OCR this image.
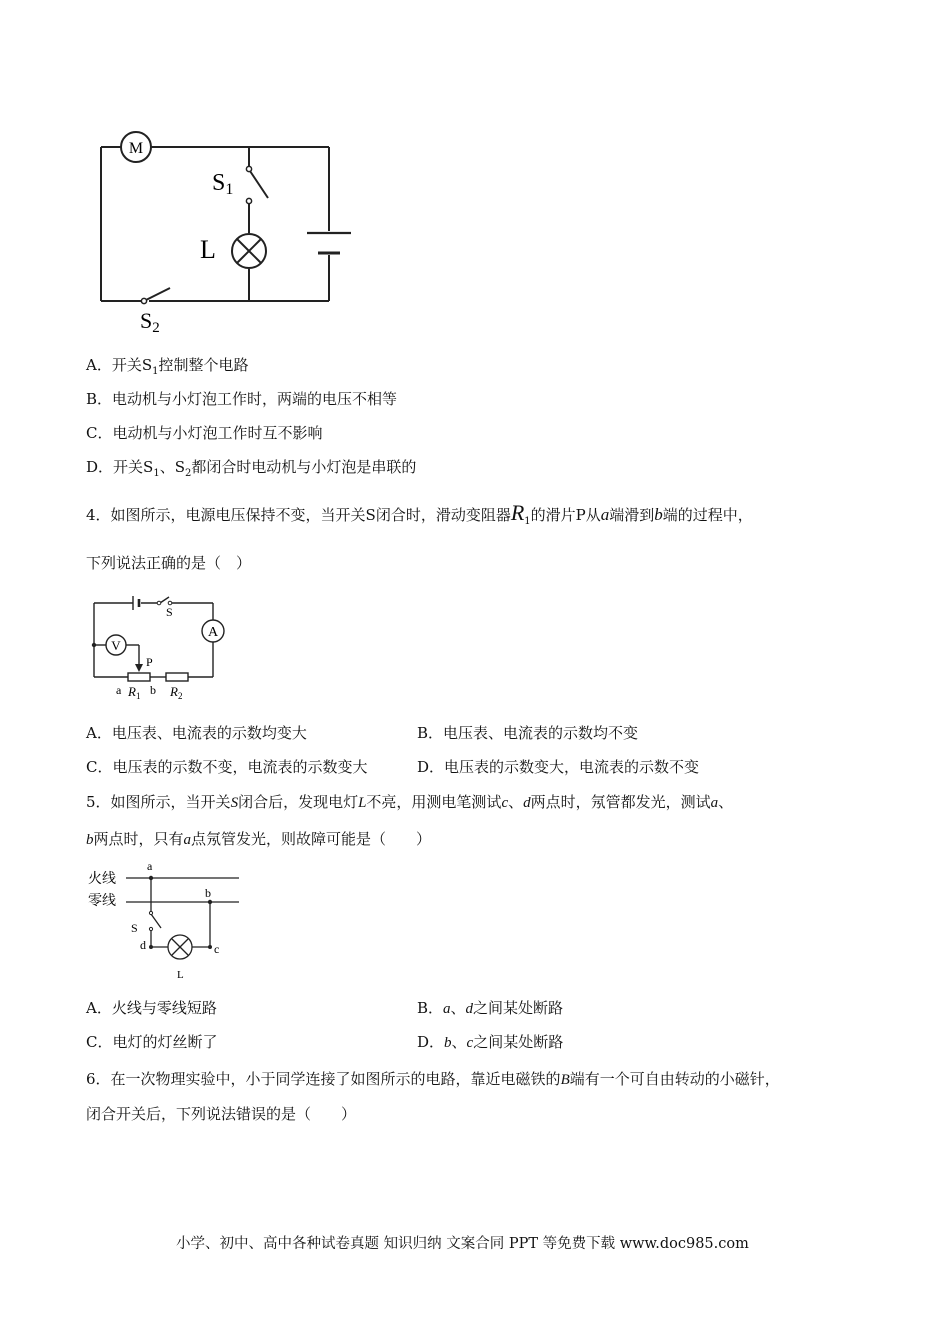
M
S1
L
S2
A．开关$S_1$控制整个电路
B．电动机与小灯泡工作时，两端的电压不相等
C．电动机与小灯泡工作时互不影响
D．开关$S_1$、$S_2$都闭合时电动机与小灯泡是串联的
4．如图所示，电源电压保持不变，当开关S闭合时，滑动变阻器$R_1$的滑片P从a端滑到b端的过程中，
下列说法正确的是（　）
A
V
S
P
a $R_1$ b $R_2$
A．电压表、电流表的示数均变大	B．电压表、电流表的示数均不变
C．电压表的示数不变，电流表的示数变大	D．电压表的示数变大，电流表的示数不变
5．如图所示，当开关S闭合后，发现电灯L不亮，用测电笔测试c、d两点时，氖管都发光，测试a、
b两点时，只有a点氖管发光，则故障可能是（　　）
火线
零线
a
b
S
d	c
L
A．火线与零线短路	B．a、d之间某处断路
C．电灯的灯丝断了	D．b、c之间某处断路
6．在一次物理实验中，小于同学连接了如图所示的电路，靠近电磁铁的B端有一个可自由转动的小磁针，
闭合开关后，下列说法错误的是（　　）
小学、初中、高中各种试卷真题 知识归纳 文案合同 PPT 等免费下载 www.doc985.com
